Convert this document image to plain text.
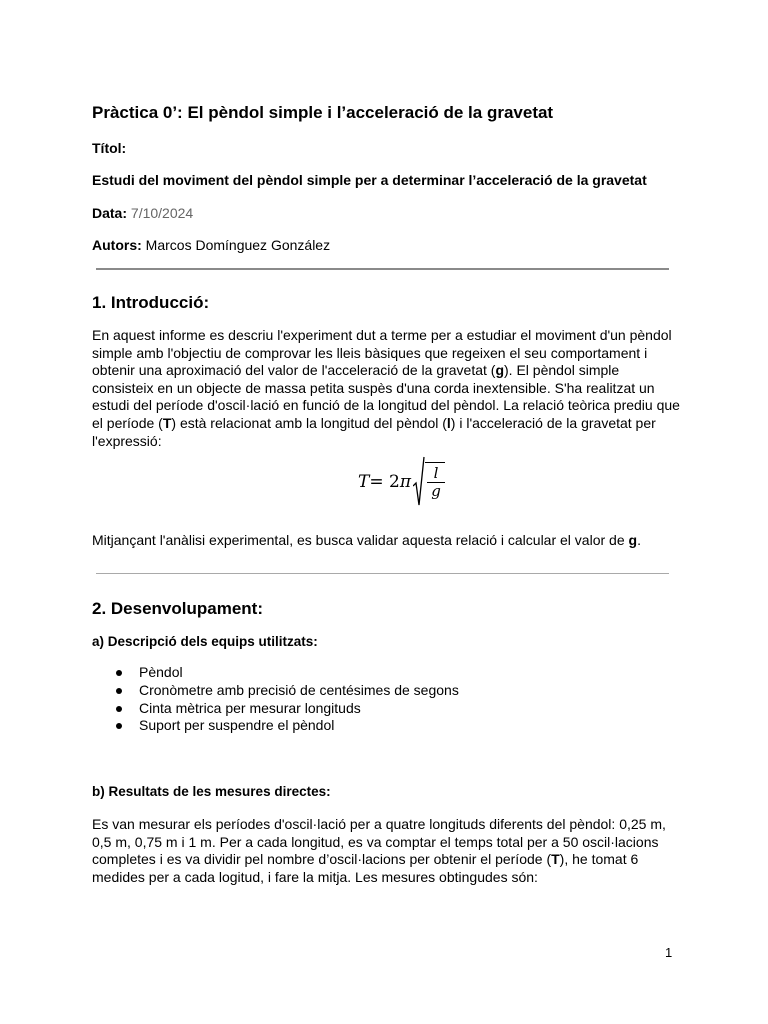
Pràctica 0’: El pèndol simple i l’acceleració de la gravetat

Títol:

Estudi del moviment del pèndol simple per a determinar l’acceleració de la gravetat

Data: 7/10/2024

Autors: Marcos Domínguez González

1. Introducció:

En aquest informe es descriu l'experiment dut a terme per a estudiar el moviment d'un pèndol simple amb l'objectiu de comprovar les lleis bàsiques que regeixen el seu comportament i obtenir una aproximació del valor de l'acceleració de la gravetat (g). El pèndol simple consisteix en un objecte de massa petita suspès d'una corda inextensible. S'ha realitzat un estudi del període d'oscil·lació en funció de la longitud del pèndol. La relació teòrica prediu que el període (T) està relacionat amb la longitud del pèndol (l) i l'acceleració de la gravetat per l'expressió:

T = 2 π $\frac{l}{g}$

Mitjançant l'anàlisi experimental, es busca validar aquesta relació i calcular el valor de g.

2. Desenvolupament:

a) Descripció dels equips utilitzats:

Pèndol
Cronòmetre amb precisió de centésimes de segons
Cinta mètrica per mesurar longituds
Suport per suspendre el pèndol

b) Resultats de les mesures directes:

Es van mesurar els períodes d'oscil·lació per a quatre longituds diferents del pèndol: 0,25 m, 0,5 m, 0,75 m i 1 m. Per a cada longitud, es va comptar el temps total per a 50 oscil·lacions completes i es va dividir pel nombre d’oscil·lacions per obtenir el període (T), he tomat 6 medides per a cada logitud, i fare la mitja. Les mesures obtingudes són:

1
